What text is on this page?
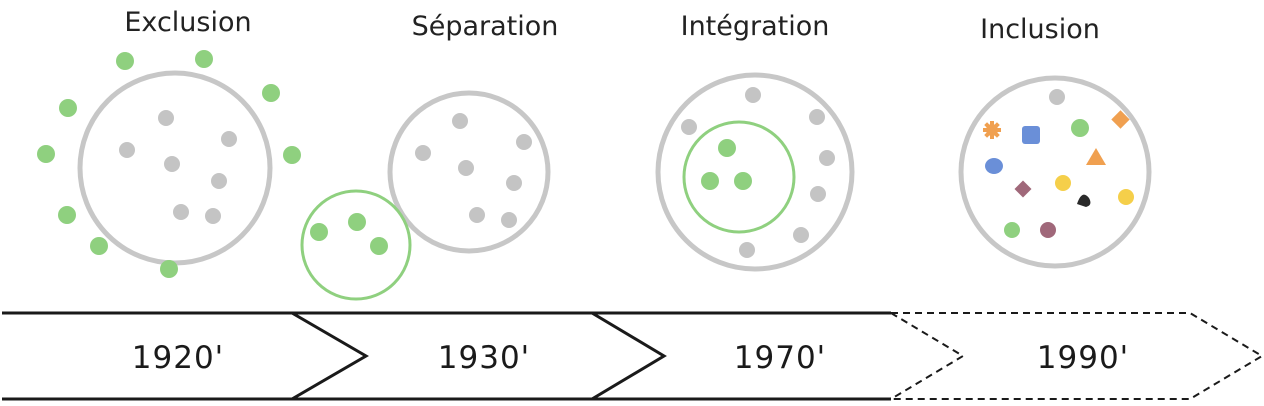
Exclusion	Séparation	Intégration	Inclusion
1920'	1930'	1970'	1990'
